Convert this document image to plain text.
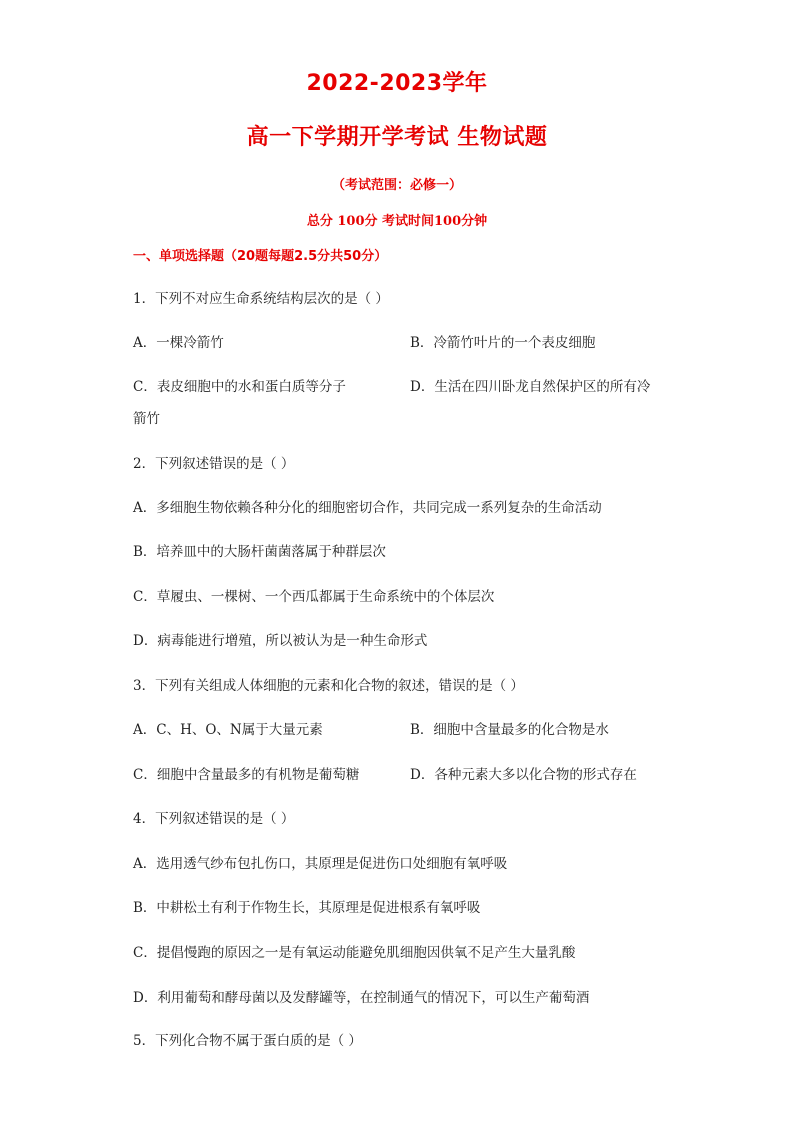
2022-2023学年
高一下学期开学考试 生物试题
（考试范围：必修一）
总分 100分 考试时间100分钟
一、单项选择题（20题每题2.5分共50分）
1．下列不对应生命系统结构层次的是（ ）
A．一棵冷箭竹	B．冷箭竹叶片的一个表皮细胞
C．表皮细胞中的水和蛋白质等分子	D．生活在四川卧龙自然保护区的所有冷
箭竹
2．下列叙述错误的是（ ）
A．多细胞生物依赖各种分化的细胞密切合作，共同完成一系列复杂的生命活动
B．培养皿中的大肠杆菌菌落属于种群层次
C．草履虫、一棵树、一个西瓜都属于生命系统中的个体层次
D．病毒能进行增殖，所以被认为是一种生命形式
3．下列有关组成人体细胞的元素和化合物的叙述，错误的是（ ）
A．C、H、O、N属于大量元素	B．细胞中含量最多的化合物是水
C．细胞中含量最多的有机物是葡萄糖	D．各种元素大多以化合物的形式存在
4．下列叙述错误的是（ ）
A．选用透气纱布包扎伤口，其原理是促进伤口处细胞有氧呼吸
B．中耕松土有利于作物生长，其原理是促进根系有氧呼吸
C．提倡慢跑的原因之一是有氧运动能避免肌细胞因供氧不足产生大量乳酸
D．利用葡萄和酵母菌以及发酵罐等，在控制通气的情况下，可以生产葡萄酒
5．下列化合物不属于蛋白质的是（ ）
